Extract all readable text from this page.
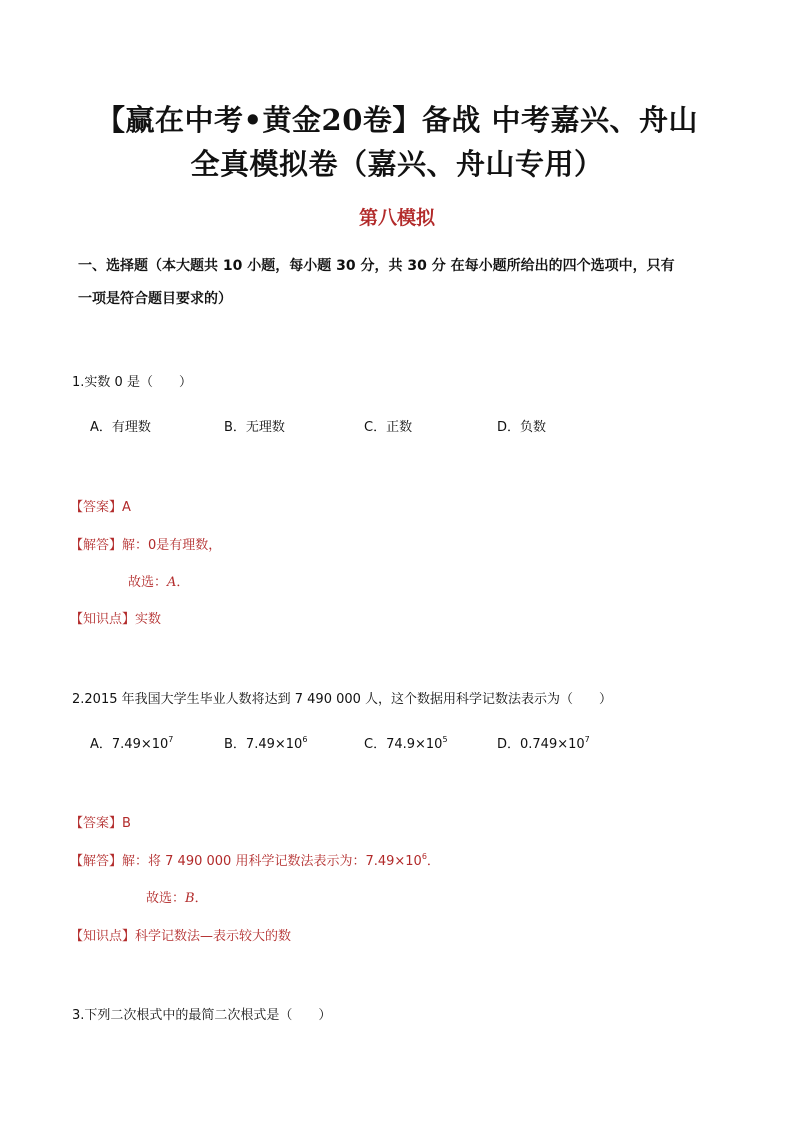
【赢在中考•黄金20卷】备战 中考嘉兴、舟山
全真模拟卷（嘉兴、舟山专用）
第八模拟
一、选择题（本大题共 10 小题，每小题 30 分，共 30 分 在每小题所给出的四个选项中，只有
一项是符合题目要求的）
1.实数 0 是（　　）
A．有理数	B．无理数	C．正数	D．负数
【答案】A
【解答】解：0是有理数，
故选：A．
【知识点】实数
2.2015 年我国大学生毕业人数将达到 7 490 000 人，这个数据用科学记数法表示为（　　）
A．$7.49\times 10^7$	B．$7.49\times 10^6$	C．$74.9\times 10^5$	D．$0.749\times 10^7$
【答案】B
【解答】解：将 7 490 000 用科学记数法表示为：$7.49\times 10^6$．
故选：B．
【知识点】科学记数法—表示较大的数
3.下列二次根式中的最简二次根式是（　　）
